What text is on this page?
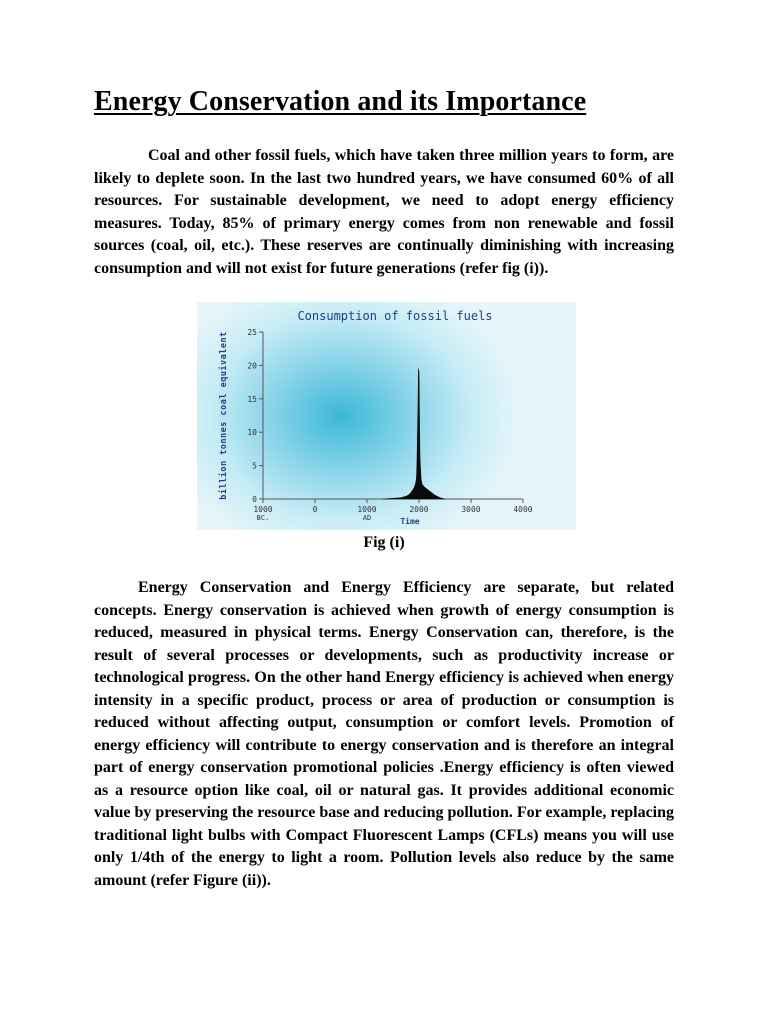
Energy Conservation and its Importance

Coal and other fossil fuels, which have taken three million years to form, are likely to deplete soon. In the last two hundred years, we have consumed 60% of all resources. For sustainable development, we need to adopt energy efficiency measures. Today, 85% of primary energy comes from non renewable and fossil sources (coal, oil, etc.). These reserves are continually diminishing with increasing consumption and will not exist for future generations (refer fig (i)).

Consumption of fossil fuels
billion tonnes coal equivalent	0
5
10
15
20
25
1000
BC.
0	1000
AD
2000	3000	4000
Time

Fig (i)

Energy Conservation and Energy Efficiency are separate, but related concepts. Energy conservation is achieved when growth of energy consumption is reduced, measured in physical terms. Energy Conservation can, therefore, is the result of several processes or developments, such as productivity increase or technological progress. On the other hand Energy efficiency is achieved when energy intensity in a specific product, process or area of production or consumption is reduced without affecting output, consumption or comfort levels. Promotion of energy efficiency will contribute to energy conservation and is therefore an integral part of energy conservation promotional policies .Energy efficiency is often viewed as a resource option like coal, oil or natural gas. It provides additional economic value by preserving the resource base and reducing pollution. For example, replacing traditional light bulbs with Compact Fluorescent Lamps (CFLs) means you will use only 1/4th of the energy to light a room. Pollution levels also reduce by the same amount (refer Figure (ii)).
